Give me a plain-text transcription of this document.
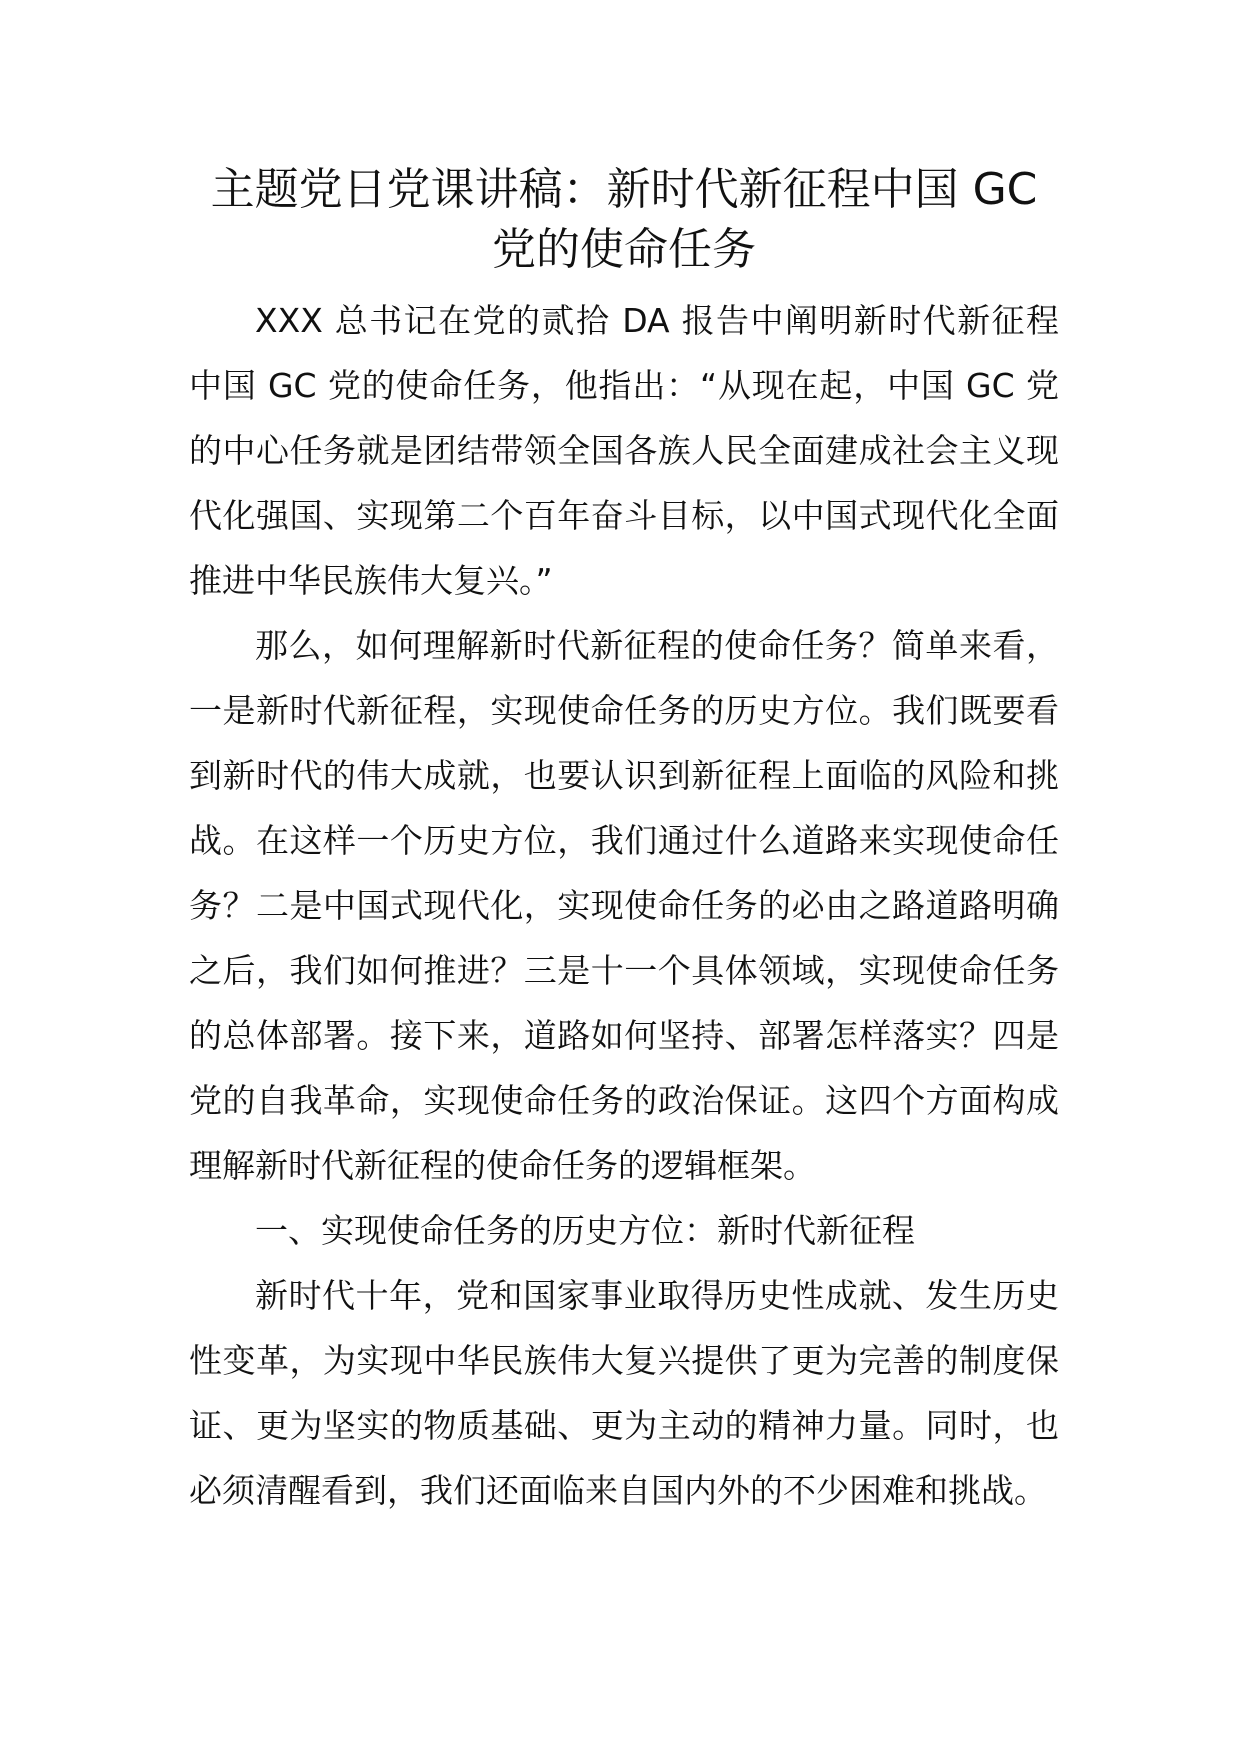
主题党日党课讲稿：新时代新征程中国 GC
党的使命任务

XXX 总书记在党的贰拾 DA 报告中阐明新时代新征程中国 GC 党的使命任务，他指出：“从现在起，中国 GC 党的中心任务就是团结带领全国各族人民全面建成社会主义现代化强国、实现第二个百年奋斗目标，以中国式现代化全面推进中华民族伟大复兴。”

那么，如何理解新时代新征程的使命任务？简单来看，一是新时代新征程，实现使命任务的历史方位。我们既要看到新时代的伟大成就，也要认识到新征程上面临的风险和挑战。在这样一个历史方位，我们通过什么道路来实现使命任务？二是中国式现代化，实现使命任务的必由之路道路明确之后，我们如何推进？三是十一个具体领域，实现使命任务的总体部署。接下来，道路如何坚持、部署怎样落实？四是党的自我革命，实现使命任务的政治保证。这四个方面构成理解新时代新征程的使命任务的逻辑框架。

一、实现使命任务的历史方位：新时代新征程

新时代十年，党和国家事业取得历史性成就、发生历史性变革，为实现中华民族伟大复兴提供了更为完善的制度保证、更为坚实的物质基础、更为主动的精神力量。同时，也必须清醒看到，我们还面临来自国内外的不少困难和挑战。
